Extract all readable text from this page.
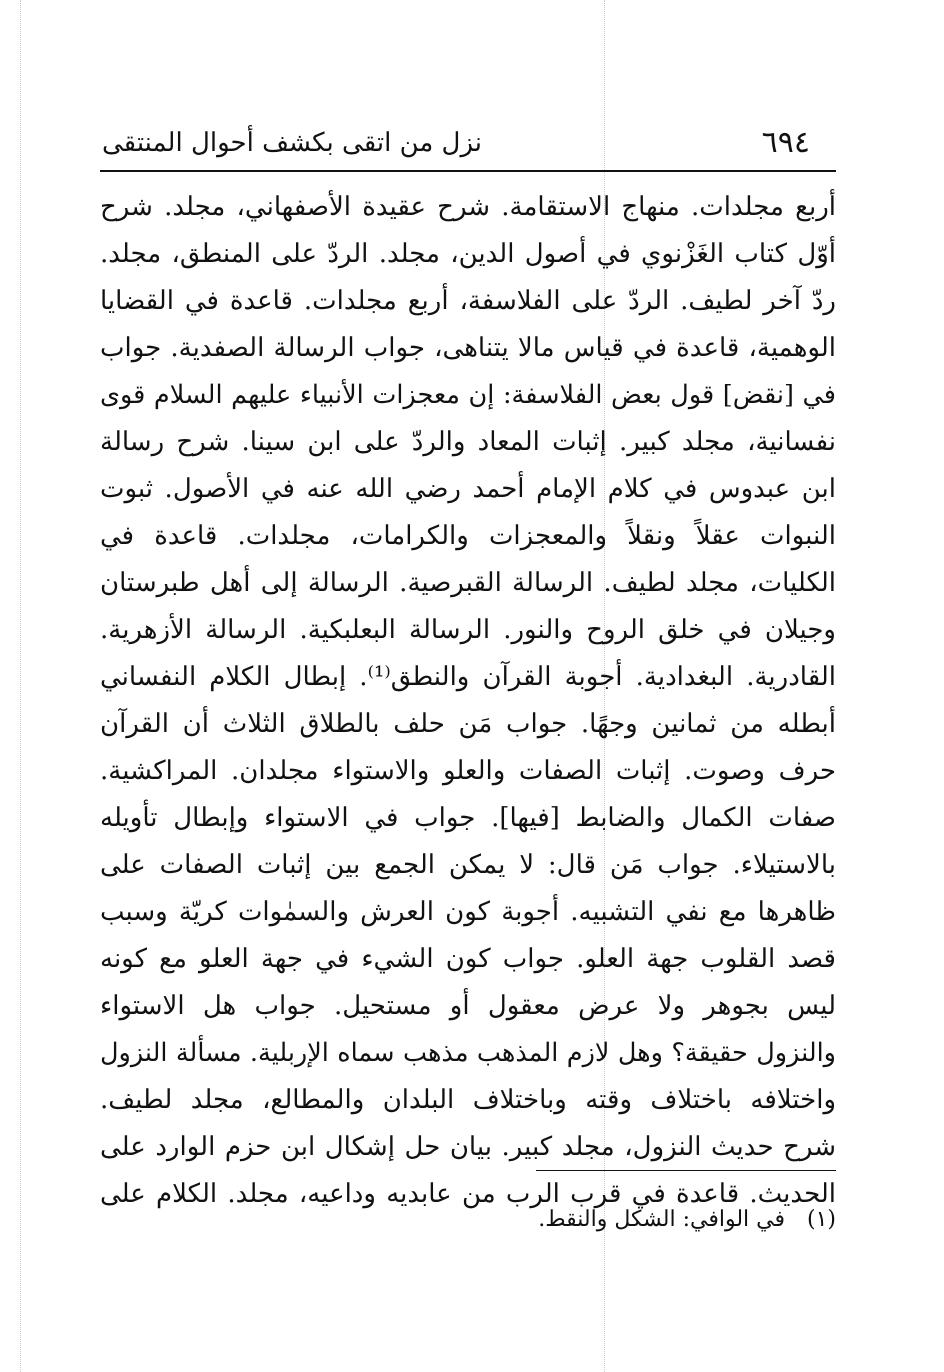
٦٩٤
نزل من اتقى بكشف أحوال المنتقى
أربع مجلدات. منهاج الاستقامة. شرح عقيدة الأصفهاني، مجلد. شرح
أوّل كتاب الغَزْنوي في أصول الدين، مجلد. الردّ على المنطق، مجلد.
ردّ آخر لطيف. الردّ على الفلاسفة، أربع مجلدات. قاعدة في القضايا
الوهمية، قاعدة في قياس مالا يتناهى، جواب الرسالة الصفدية. جواب
في [نقض] قول بعض الفلاسفة: إن معجزات الأنبياء عليهم السلام قوى
نفسانية، مجلد كبير. إثبات المعاد والردّ على ابن سينا. شرح رسالة
ابن عبدوس في كلام الإمام أحمد رضي الله عنه في الأصول. ثبوت
النبوات عقلاً ونقلاً والمعجزات والكرامات، مجلدات. قاعدة في
الكليات، مجلد لطيف. الرسالة القبرصية. الرسالة إلى أهل طبرستان
وجيلان في خلق الروح والنور. الرسالة البعلبكية. الرسالة الأزهرية.
القادرية. البغدادية. أجوبة القرآن والنطق⁽¹⁾. إبطال الكلام النفساني
أبطله من ثمانين وجهًا. جواب مَن حلف بالطلاق الثلاث أن القرآن
حرف وصوت. إثبات الصفات والعلو والاستواء مجلدان. المراكشية.
صفات الكمال والضابط [فيها]. جواب في الاستواء وإبطال تأويله
بالاستيلاء. جواب مَن قال: لا يمكن الجمع بين إثبات الصفات على
ظاهرها مع نفي التشبيه. أجوبة كون العرش والسمٰوات كريّة وسبب
قصد القلوب جهة العلو. جواب كون الشيء في جهة العلو مع كونه
ليس بجوهر ولا عرض معقول أو مستحيل. جواب هل الاستواء
والنزول حقيقة؟ وهل لازم المذهب مذهب سماه الإربلية. مسألة النزول
واختلافه باختلاف وقته وباختلاف البلدان والمطالع، مجلد لطيف.
شرح حديث النزول، مجلد كبير. بيان حل إشكال ابن حزم الوارد على
الحديث. قاعدة في قرب الرب من عابديه وداعيه، مجلد. الكلام على
(١)في الوافي: الشكل والنقط.
